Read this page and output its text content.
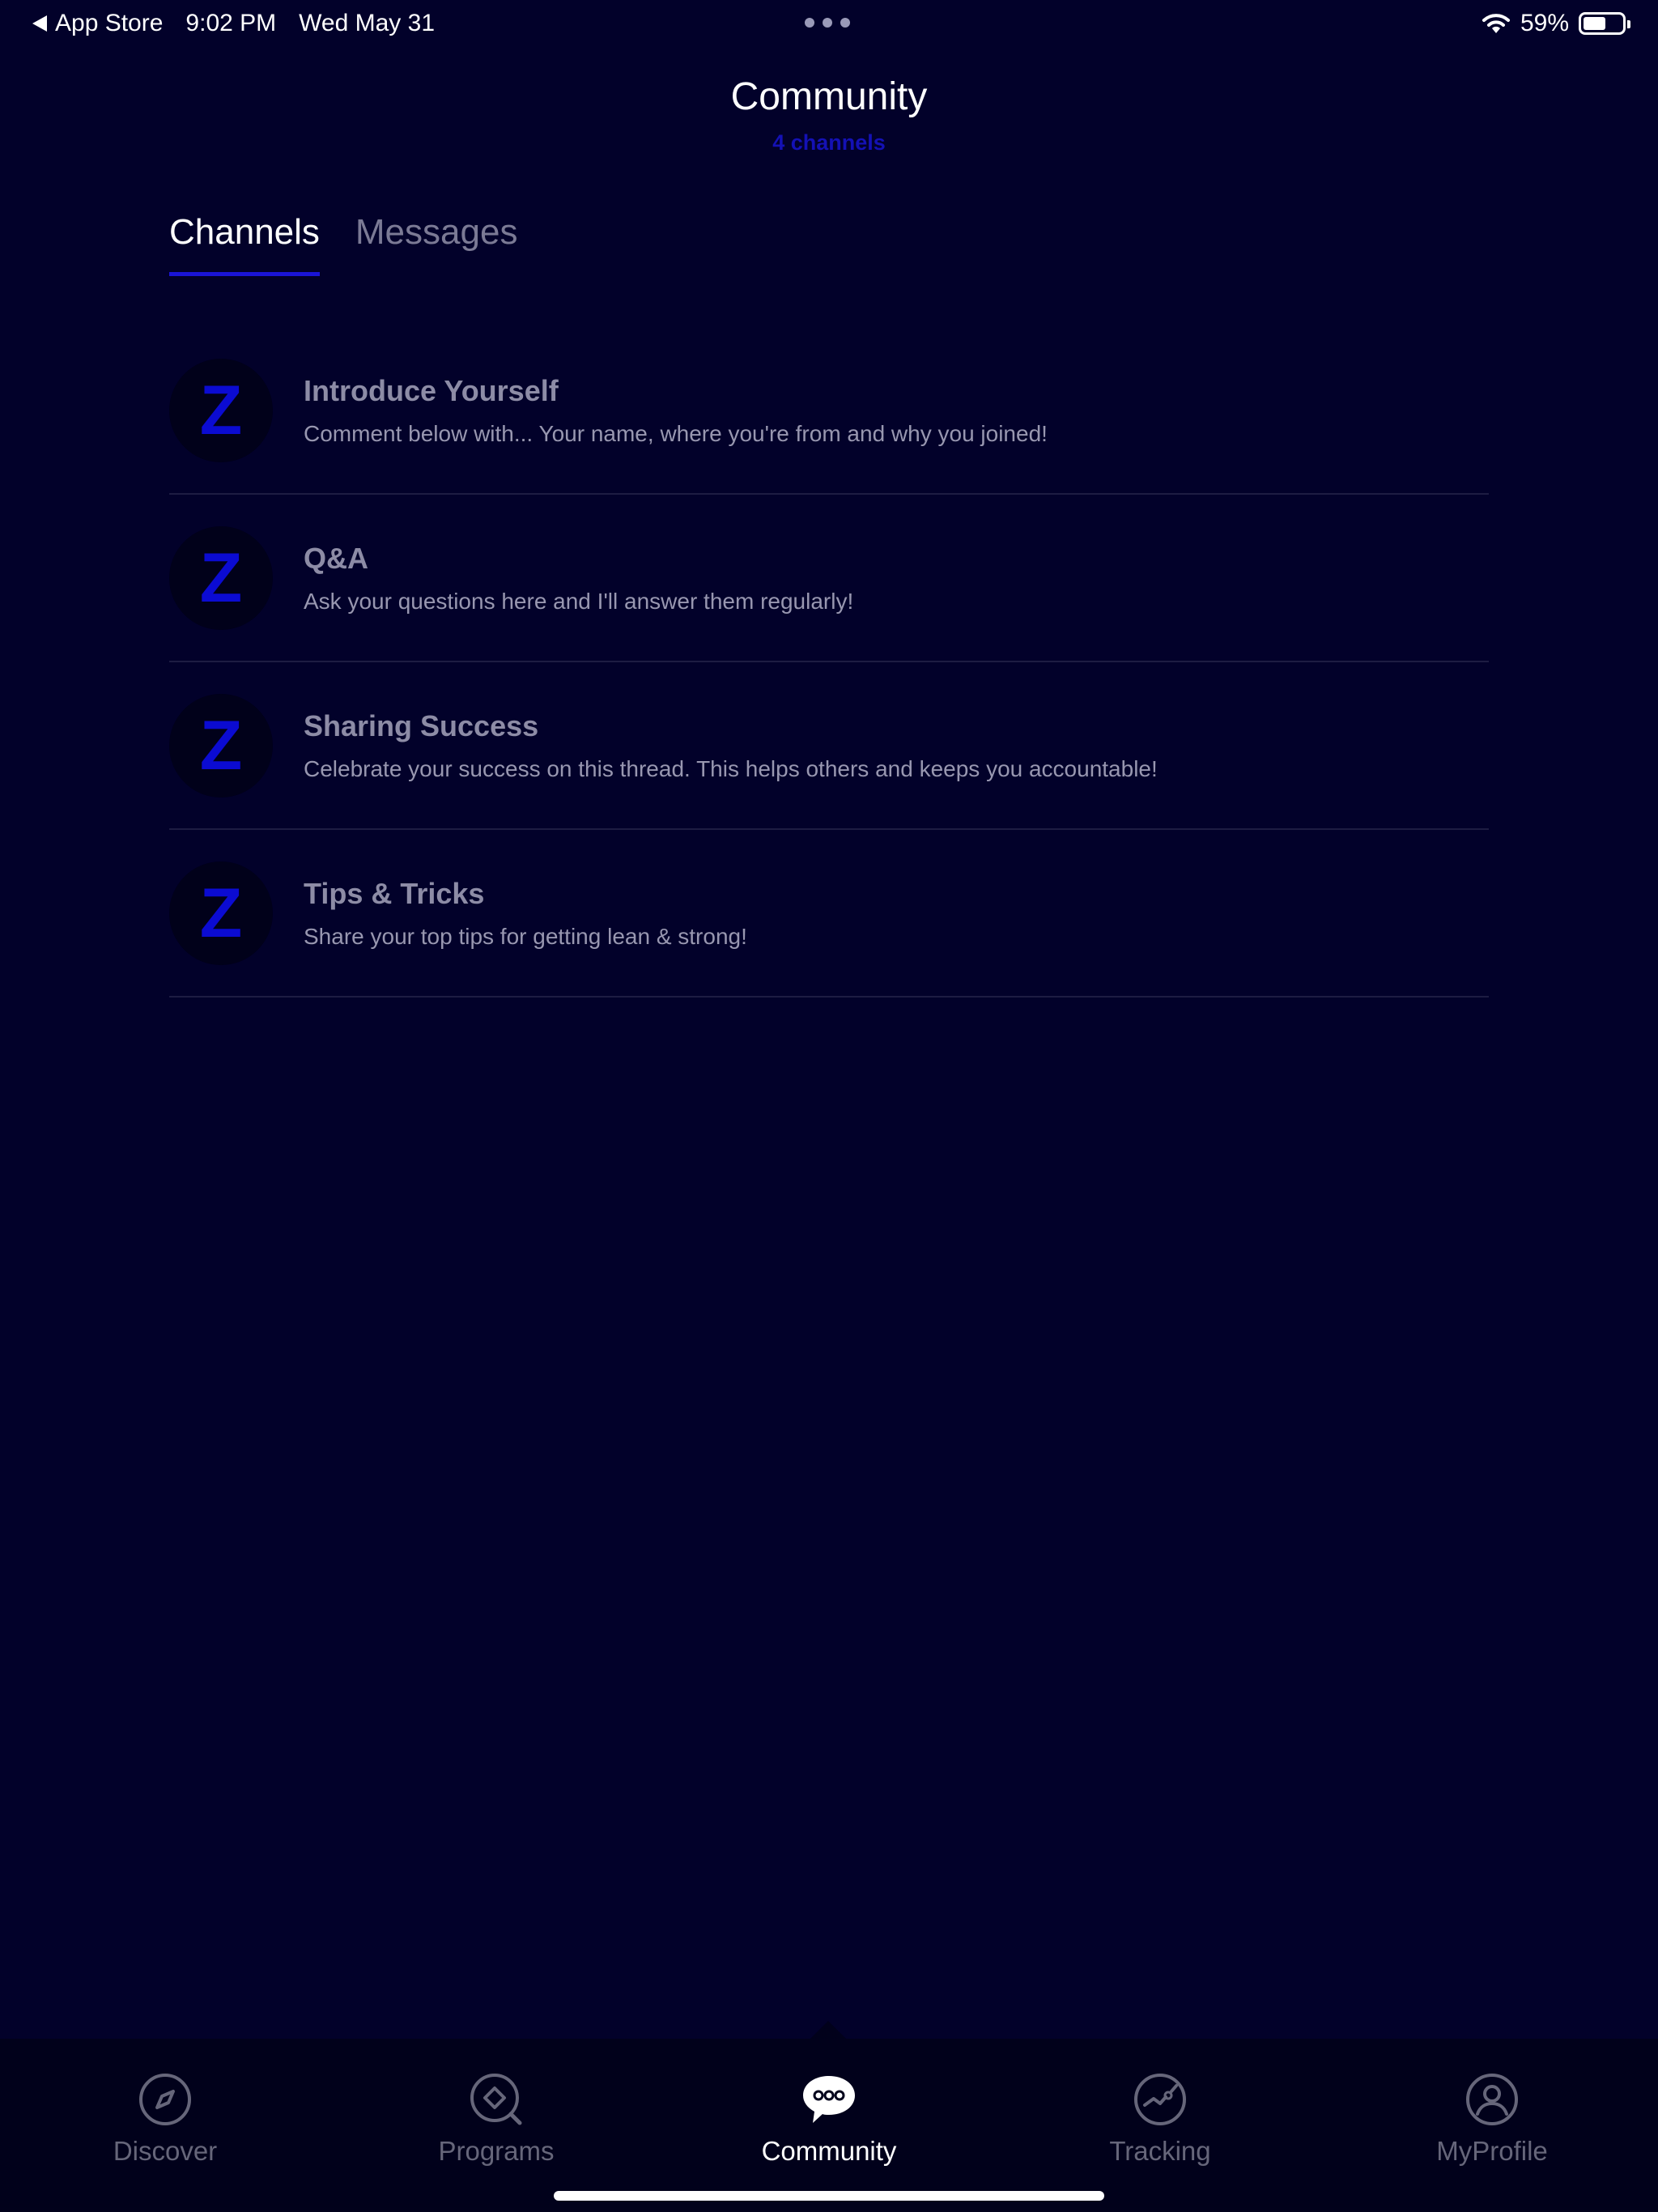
App Store 9:02 PM Wed May 31	59%
Community
4 channels
Channels Messages
Z Introduce Yourself
Comment below with... Your name, where you're from and why you joined!
Z Q&A
Ask your questions here and I'll answer them regularly!
Z Sharing Success
Celebrate your success on this thread. This helps others and keeps you accountable!
Z Tips & Tricks
Share your top tips for getting lean & strong!
Discover	Programs	Community	Tracking	MyProfile
